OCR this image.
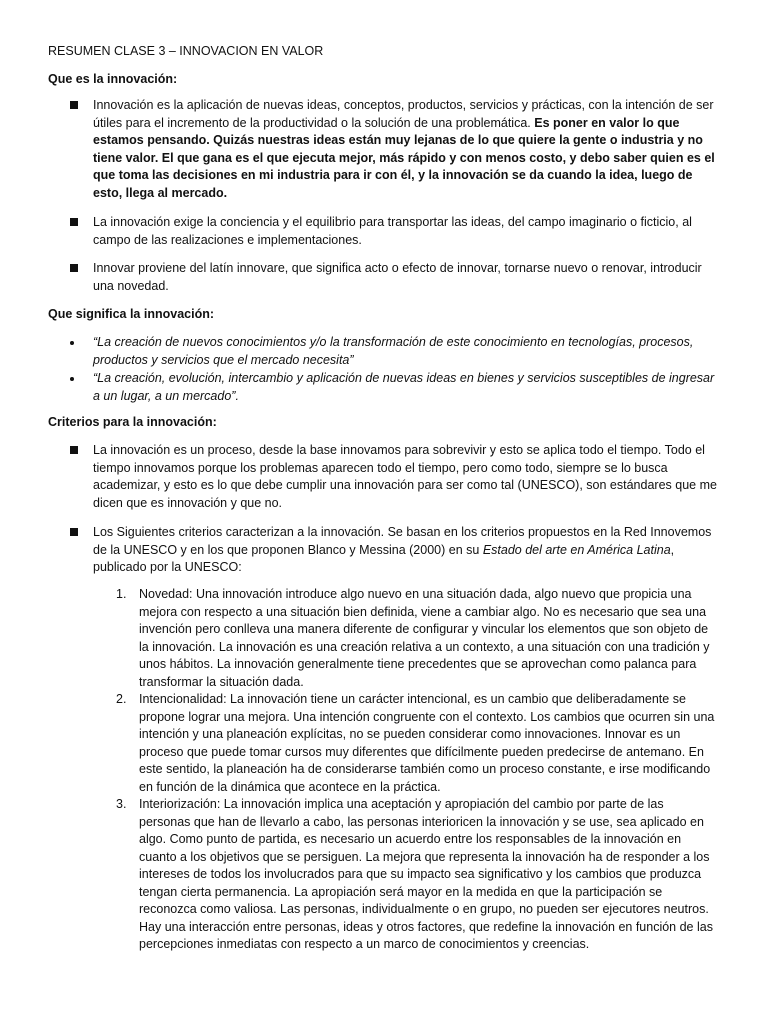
RESUMEN CLASE 3 – INNOVACION EN VALOR
Que es la innovación:
Innovación es la aplicación de nuevas ideas, conceptos, productos, servicios y prácticas, con la intención de ser útiles para el incremento de la productividad o la solución de una problemática. Es poner en valor lo que estamos pensando. Quizás nuestras ideas están muy lejanas de lo que quiere la gente o industria y no tiene valor. El que gana es el que ejecuta mejor, más rápido y con menos costo, y debo saber quien es el que toma las decisiones en mi industria para ir con él, y la innovación se da cuando la idea, luego de esto, llega al mercado.
La innovación exige la conciencia y el equilibrio para transportar las ideas, del campo imaginario o ficticio, al campo de las realizaciones e implementaciones.
Innovar proviene del latín innovare, que significa acto o efecto de innovar, tornarse nuevo o renovar, introducir una novedad.
Que significa la innovación:
“La creación de nuevos conocimientos y/o la transformación de este conocimiento en tecnologías, procesos, productos y servicios que el mercado necesita”
“La creación, evolución, intercambio y aplicación de nuevas ideas en bienes y servicios susceptibles de ingresar a un lugar, a un mercado”.
Criterios para la innovación:
La innovación es un proceso, desde la base innovamos para sobrevivir y esto se aplica todo el tiempo. Todo el tiempo innovamos porque los problemas aparecen todo el tiempo, pero como todo, siempre se lo busca academizar, y esto es lo que debe cumplir una innovación para ser como tal (UNESCO), son estándares que me dicen que es innovación y que no.
Los Siguientes criterios caracterizan a la innovación. Se basan en los criterios propuestos en la Red Innovemos de la UNESCO y en los que proponen Blanco y Messina (2000) en su Estado del arte en América Latina, publicado por la UNESCO:
1. Novedad: Una innovación introduce algo nuevo en una situación dada, algo nuevo que propicia una mejora con respecto a una situación bien definida, viene a cambiar algo. No es necesario que sea una invención pero conlleva una manera diferente de configurar y vincular los elementos que son objeto de la innovación. La innovación es una creación relativa a un contexto, a una situación con una tradición y unos hábitos. La innovación generalmente tiene precedentes que se aprovechan como palanca para transformar la situación dada.
2. Intencionalidad: La innovación tiene un carácter intencional, es un cambio que deliberadamente se propone lograr una mejora. Una intención congruente con el contexto. Los cambios que ocurren sin una intención y una planeación explícitas, no se pueden considerar como innovaciones. Innovar es un proceso que puede tomar cursos muy diferentes que difícilmente pueden predecirse de antemano. En este sentido, la planeación ha de considerarse también como un proceso constante, e irse modificando en función de la dinámica que acontece en la práctica.
3. Interiorización: La innovación implica una aceptación y apropiación del cambio por parte de las personas que han de llevarlo a cabo, las personas interioricen la innovación y se use, sea aplicado en algo. Como punto de partida, es necesario un acuerdo entre los responsables de la innovación en cuanto a los objetivos que se persiguen. La mejora que representa la innovación ha de responder a los intereses de todos los involucrados para que su impacto sea significativo y los cambios que produzca tengan cierta permanencia. La apropiación será mayor en la medida en que la participación se reconozca como valiosa. Las personas, individualmente o en grupo, no pueden ser ejecutores neutros. Hay una interacción entre personas, ideas y otros factores, que redefine la innovación en función de las percepciones inmediatas con respecto a un marco de conocimientos y creencias.
